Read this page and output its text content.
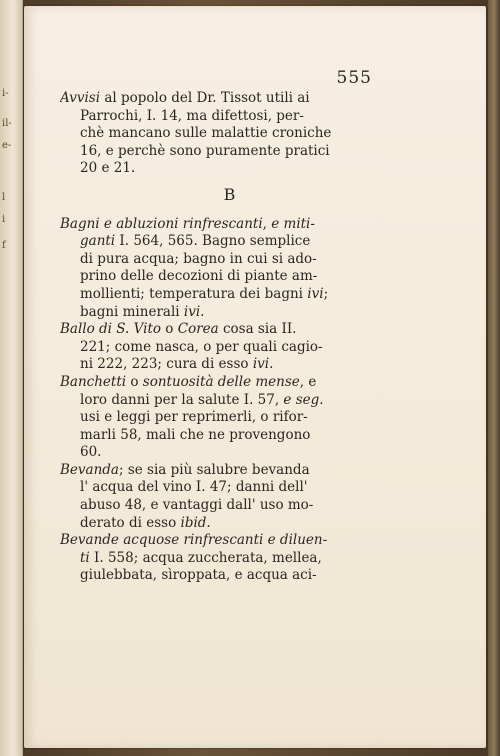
i-
il-
e-
l
i
f
555
Avvisi al popolo del Dr. Tissot utili ai
Parrochi, I. 14, ma difettosi, per-
chè mancano sulle malattie croniche
16, e perchè sono puramente pratici
20 e 21.
B
Bagni e abluzioni rinfrescanti, e miti-
ganti I. 564, 565. Bagno semplice
di pura acqua; bagno in cui si ado-
prino delle decozioni di piante am-
mollienti; temperatura dei bagni ivi;
bagni minerali ivi.
Ballo di S. Vito o Corea cosa sia II.
221; come nasca, o per quali cagio-
ni 222, 223; cura di esso ivi.
Banchetti o sontuosità delle mense, e
loro danni per la salute I. 57, e seg.
usi e leggi per reprimerli, o rifor-
marli 58, mali che ne provengono
60.
Bevanda; se sia più salubre bevanda
l' acqua del vino I. 47; danni dell'
abuso 48, e vantaggi dall' uso mo-
derato di esso ibid.
Bevande acquose rinfrescanti e diluen-
ti I. 558; acqua zuccherata, mellea,
giulebbata, sìroppata, e acqua aci-
